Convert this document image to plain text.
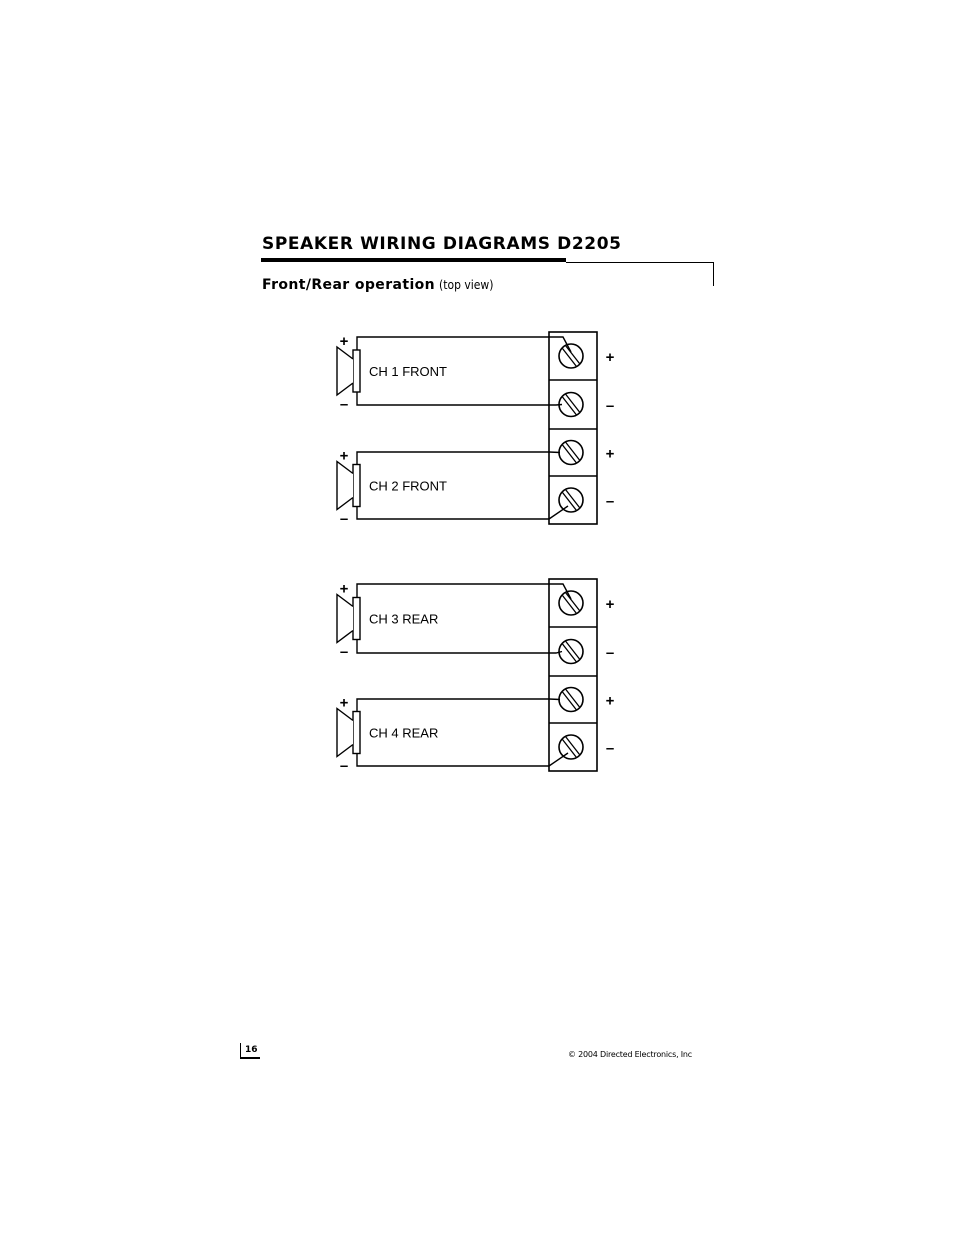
SPEAKER WIRING DIAGRAMS D2205
Front/Rear operation (top view)
+
–
+
–
+
–
+
–
+
–
CH 1 FRONT
+
–
CH 2 FRONT
+
–
CH 3 REAR
+
–
CH 4 REAR
16	© 2004 Directed Electronics, Inc
